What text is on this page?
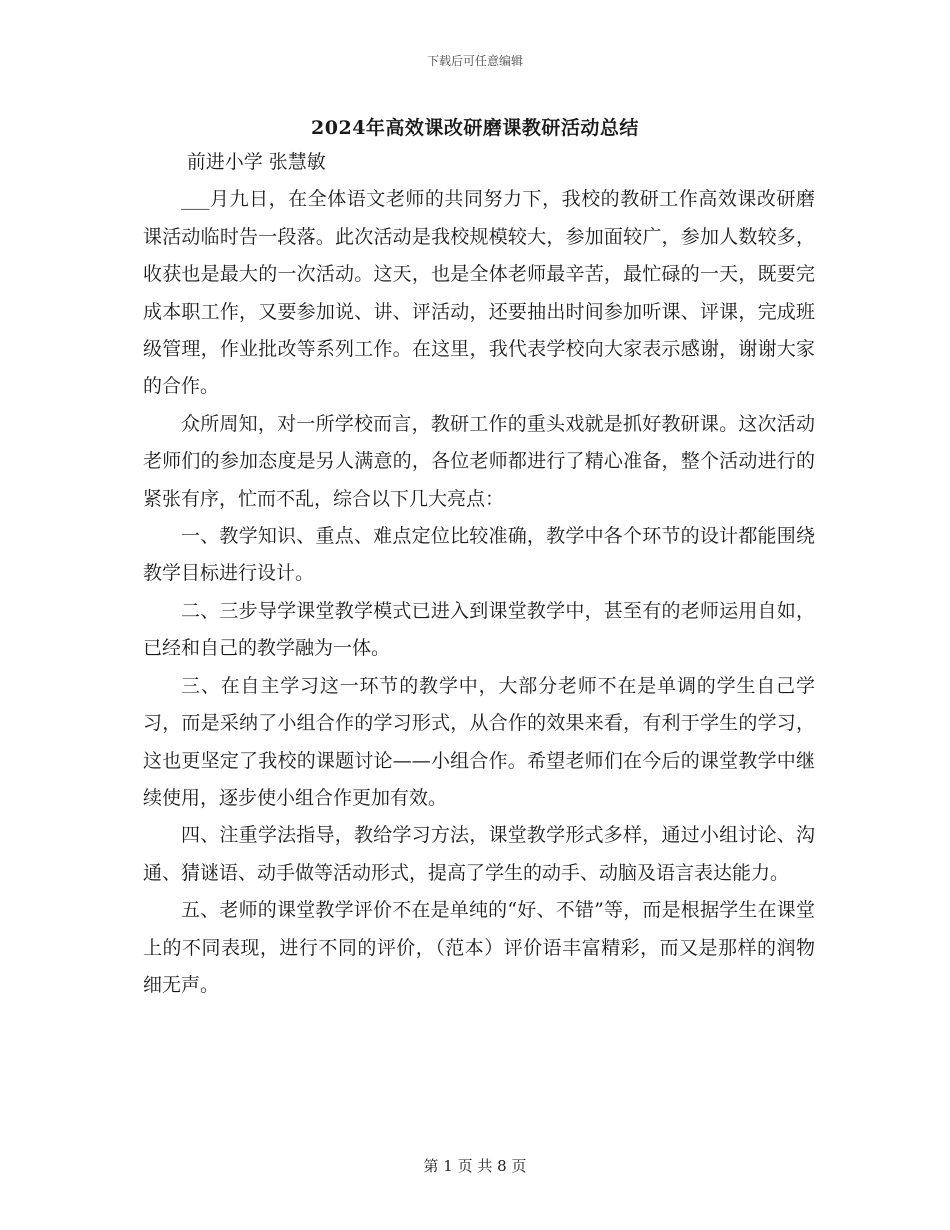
下载后可任意编辑
2024年高效课改研磨课教研活动总结

前进小学 张慧敏

___月九日，在全体语文老师的共同努力下，我校的教研工作高效课改研磨课活动临时告一段落。此次活动是我校规模较大，参加面较广，参加人数较多，收获也是最大的一次活动。这天，也是全体老师最辛苦，最忙碌的一天，既要完成本职工作，又要参加说、讲、评活动，还要抽出时间参加听课、评课，完成班级管理，作业批改等系列工作。在这里，我代表学校向大家表示感谢，谢谢大家的合作。

众所周知，对一所学校而言，教研工作的重头戏就是抓好教研课。这次活动老师们的参加态度是另人满意的，各位老师都进行了精心准备，整个活动进行的紧张有序，忙而不乱，综合以下几大亮点：

一、教学知识、重点、难点定位比较准确，教学中各个环节的设计都能围绕教学目标进行设计。

二、三步导学课堂教学模式已进入到课堂教学中，甚至有的老师运用自如，已经和自己的教学融为一体。

三、在自主学习这一环节的教学中，大部分老师不在是单调的学生自己学习，而是采纳了小组合作的学习形式，从合作的效果来看，有利于学生的学习，这也更坚定了我校的课题讨论——小组合作。希望老师们在今后的课堂教学中继续使用，逐步使小组合作更加有效。

四、注重学法指导，教给学习方法，课堂教学形式多样，通过小组讨论、沟通、猜谜语、动手做等活动形式，提高了学生的动手、动脑及语言表达能力。

五、老师的课堂教学评价不在是单纯的“好、不错”等，而是根据学生在课堂上的不同表现，进行不同的评价，（范本）评价语丰富精彩，而又是那样的润物细无声。

第 1 页 共 8 页
